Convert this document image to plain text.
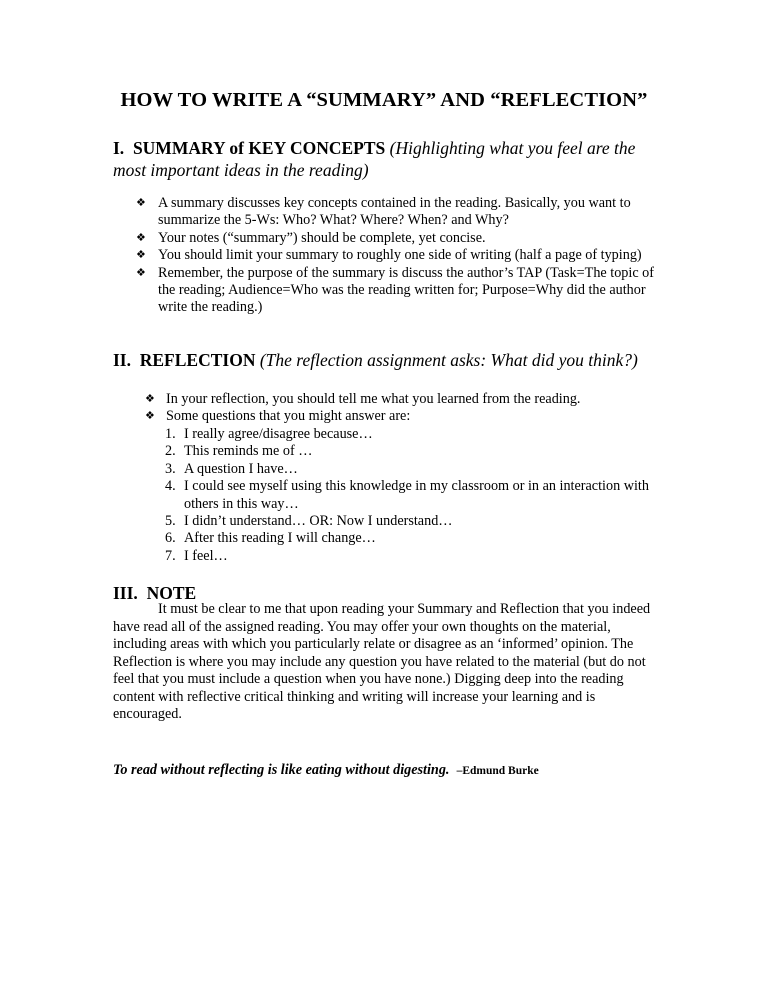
HOW TO WRITE A “SUMMARY” AND “REFLECTION”
I. SUMMARY of KEY CONCEPTS (Highlighting what you feel are the most important ideas in the reading)
❖ A summary discusses key concepts contained in the reading. Basically, you want to summarize the 5-Ws: Who? What? Where? When? and Why?
❖ Your notes (“summary”) should be complete, yet concise.
❖ You should limit your summary to roughly one side of writing (half a page of typing)
❖ Remember, the purpose of the summary is discuss the author’s TAP (Task=The topic of the reading; Audience=Who was the reading written for; Purpose=Why did the author write the reading.)
II. REFLECTION (The reflection assignment asks: What did you think?)
❖ In your reflection, you should tell me what you learned from the reading.
❖ Some questions that you might answer are:
1. I really agree/disagree because…
2. This reminds me of …
3. A question I have…
4. I could see myself using this knowledge in my classroom or in an interaction with others in this way…
5. I didn’t understand… OR: Now I understand…
6. After this reading I will change…
7. I feel…
III. NOTE

It must be clear to me that upon reading your Summary and Reflection that you indeed have read all of the assigned reading. You may offer your own thoughts on the material, including areas with which you particularly relate or disagree as an ‘informed’ opinion. The Reflection is where you may include any question you have related to the material (but do not feel that you must include a question when you have none.) Digging deep into the reading content with reflective critical thinking and writing will increase your learning and is encouraged.

To read without reflecting is like eating without digesting. –Edmund Burke
